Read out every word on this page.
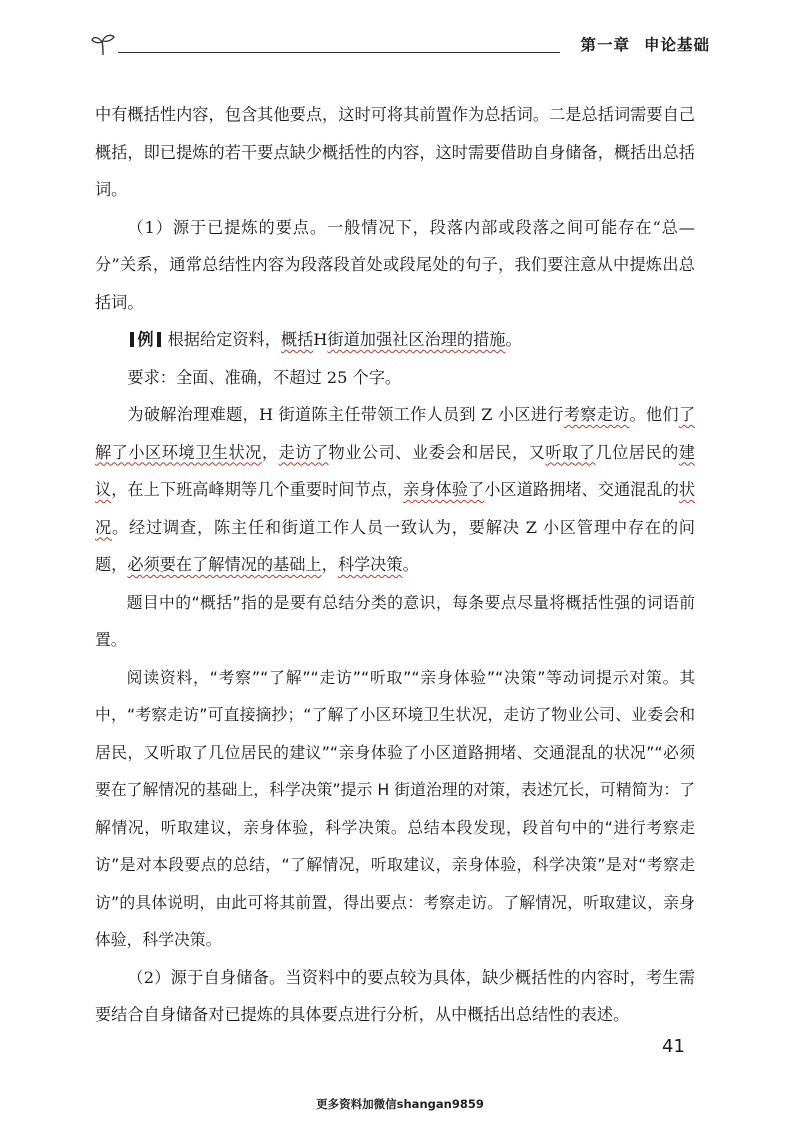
第一章 申论基础

中有概括性内容，包含其他要点，这时可将其前置作为总括词。二是总括词需要自己概括，即已提炼的若干要点缺少概括性的内容，这时需要借助自身储备，概括出总括词。

（1）源于已提炼的要点。一般情况下，段落内部或段落之间可能存在“总—分”关系，通常总结性内容为段落段首处或段尾处的句子，我们要注意从中提炼出总括词。

例 根据给定资料，概括H街道加强社区治理的措施。

要求：全面、准确，不超过 25 个字。

为破解治理难题，H 街道陈主任带领工作人员到 Z 小区进行考察走访。他们了解了小区环境卫生状况，走访了物业公司、业委会和居民，又听取了几位居民的建议，在上下班高峰期等几个重要时间节点，亲身体验了小区道路拥堵、交通混乱的状况。经过调查，陈主任和街道工作人员一致认为，要解决 Z 小区管理中存在的问题，必须要在了解情况的基础上，科学决策。

题目中的“概括”指的是要有总结分类的意识，每条要点尽量将概括性强的词语前置。

阅读资料，“考察”“了解”“走访”“听取”“亲身体验”“决策”等动词提示对策。其中，“考察走访”可直接摘抄；“了解了小区环境卫生状况，走访了物业公司、业委会和居民，又听取了几位居民的建议”“亲身体验了小区道路拥堵、交通混乱的状况”“必须要在了解情况的基础上，科学决策”提示 H 街道治理的对策，表述冗长，可精简为：了解情况，听取建议，亲身体验，科学决策。总结本段发现，段首句中的“进行考察走访”是对本段要点的总结，“了解情况，听取建议，亲身体验，科学决策”是对“考察走访”的具体说明，由此可将其前置，得出要点：考察走访。了解情况，听取建议，亲身体验，科学决策。

（2）源于自身储备。当资料中的要点较为具体，缺少概括性的内容时，考生需要结合自身储备对已提炼的具体要点进行分析，从中概括出总结性的表述。

41
更多资料加微信shangan9859
